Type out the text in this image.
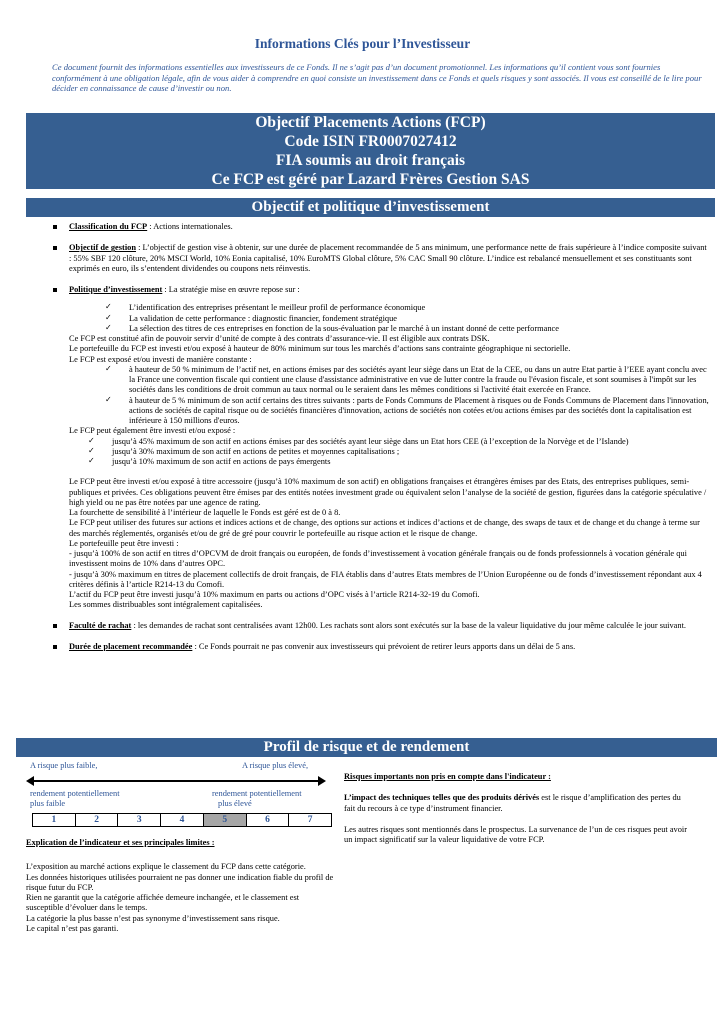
Informations Clés pour l’Investisseur
Ce document fournit des informations essentielles aux investisseurs de ce Fonds. Il ne s’agit pas d’un document promotionnel. Les informations qu’il contient vous sont fournies conformément à une obligation légale, afin de vous aider à comprendre en quoi consiste un investissement dans ce Fonds et quels risques y sont associés. Il vous est conseillé de le lire pour décider en connaissance de cause d’investir ou non.
Objectif Placements Actions (FCP)
Code ISIN FR0007027412
FIA soumis au droit français
Ce FCP est géré par Lazard Frères Gestion SAS
Objectif et politique d’investissement
Classification du FCP : Actions internationales.
Objectif de gestion : L’objectif de gestion vise à obtenir, sur une durée de placement recommandée de 5 ans minimum, une performance nette de frais supérieure à l’indice composite suivant : 55% SBF 120 clôture, 20% MSCI World, 10% Eonia capitalisé, 10% EuroMTS Global clôture, 5% CAC Small 90 clôture. L’indice est rebalancé mensuellement et ses constituants sont exprimés en euro, ils s’entendent dividendes ou coupons nets réinvestis.
Politique d’investissement : La stratégie mise en œuvre repose sur :
✓ L’identification des entreprises présentant le meilleur profil de performance économique
✓ La validation de cette performance : diagnostic financier, fondement stratégique
✓ La sélection des titres de ces entreprises en fonction de la sous-évaluation par le marché à un instant donné de cette performance
Ce FCP est constitué afin de pouvoir servir d’unité de compte à des contrats d’assurance-vie. Il est éligible aux contrats DSK.
Le portefeuille du FCP est investi et/ou exposé à hauteur de 80% minimum sur tous les marchés d’actions sans contrainte géographique ni sectorielle.
Le FCP est exposé et/ou investi de manière constante :
✓ à hauteur de 50 % minimum de l’actif net, en actions émises par des sociétés ayant leur siège dans un Etat de la CEE, ou dans un autre Etat partie à l’EEE ayant conclu avec la France une convention fiscale qui contient une clause d'assistance administrative en vue de lutter contre la fraude ou l'évasion fiscale, et sont soumises à l'impôt sur les sociétés dans les conditions de droit commun au taux normal ou le seraient dans les mêmes conditions si l'activité était exercée en France.
✓ à hauteur de 5 % minimum de son actif certains des titres suivants : parts de Fonds Communs de Placement à risques ou de Fonds Communs de Placement dans l'innovation, actions de sociétés de capital risque ou de sociétés financières d'innovation, actions de sociétés non cotées et/ou actions émises par des sociétés dont la capitalisation est inférieure à 150 millions d'euros.
Le FCP peut également être investi et/ou exposé :
✓ jusqu’à 45% maximum de son actif en actions émises par des sociétés ayant leur siège dans un Etat hors CEE (à l’exception de la Norvège et de l’Islande)
✓ jusqu’à 30% maximum de son actif en actions de petites et moyennes capitalisations ;
✓ jusqu’à 10% maximum de son actif en actions de pays émergents
Le FCP peut être investi et/ou exposé à titre accessoire (jusqu’à 10% maximum de son actif) en obligations françaises et étrangères émises par des Etats, des entreprises publiques, semi-publiques et privées. Ces obligations peuvent être émises par des entités notées investment grade ou équivalent selon l’analyse de la société de gestion, figurées dans la catégorie spéculative / high yield ou ne pas être notées par une agence de rating.
La fourchette de sensibilité à l’intérieur de laquelle le Fonds est géré est de 0 à 8.
Le FCP peut utiliser des futures sur actions et indices actions et de change, des options sur actions et indices d’actions et de change, des swaps de taux et de change et du change à terme sur des marchés réglementés, organisés et/ou de gré de gré pour couvrir le portefeuille au risque action et le risque de change.
Le portefeuille peut être investi :
- jusqu’à 100% de son actif en titres d’OPCVM de droit français ou européen, de fonds d’investissement à vocation générale français ou de fonds professionnels à vocation générale qui investissent moins de 10% dans d’autres OPC.
- jusqu’à 30% maximum en titres de placement collectifs de droit français, de FIA établis dans d’autres Etats membres de l’Union Européenne ou de fonds d’investissement répondant aux 4 critères définis à l’article R214-13 du Comofi.
L’actif du FCP peut être investi jusqu’à 10% maximum en parts ou actions d’OPC visés à l’article R214-32-19 du Comofi.
Les sommes distribuables sont intégralement capitalisées.
Faculté de rachat : les demandes de rachat sont centralisées avant 12h00. Les rachats sont alors sont exécutés sur la base de la valeur liquidative du jour même calculée le jour suivant.
Durée de placement recommandée : Ce Fonds pourrait ne pas convenir aux investisseurs qui prévoient de retirer leurs apports dans un délai de 5 ans.
Profil de risque et de rendement
A risque plus faible,	A risque plus élevé,
rendement potentiellement
plus faible
rendement potentiellement
plus élevé
1	2	3	4	5	6	7
Explication de l’indicateur et ses principales limites :
L’exposition au marché actions explique le classement du FCP dans cette catégorie.
Les données historiques utilisées pourraient ne pas donner une indication fiable du profil de risque futur du FCP.
Rien ne garantit que la catégorie affichée demeure inchangée, et le classement est susceptible d’évoluer dans le temps.
La catégorie la plus basse n’est pas synonyme d’investissement sans risque.
Le capital n’est pas garanti.
Risques importants non pris en compte dans l'indicateur :
L’impact des techniques telles que des produits dérivés est le risque d’amplification des pertes du fait du recours à ce type d’instrument financier.
Les autres risques sont mentionnés dans le prospectus. La survenance de l’un de ces risques peut avoir un impact significatif sur la valeur liquidative de votre FCP.
